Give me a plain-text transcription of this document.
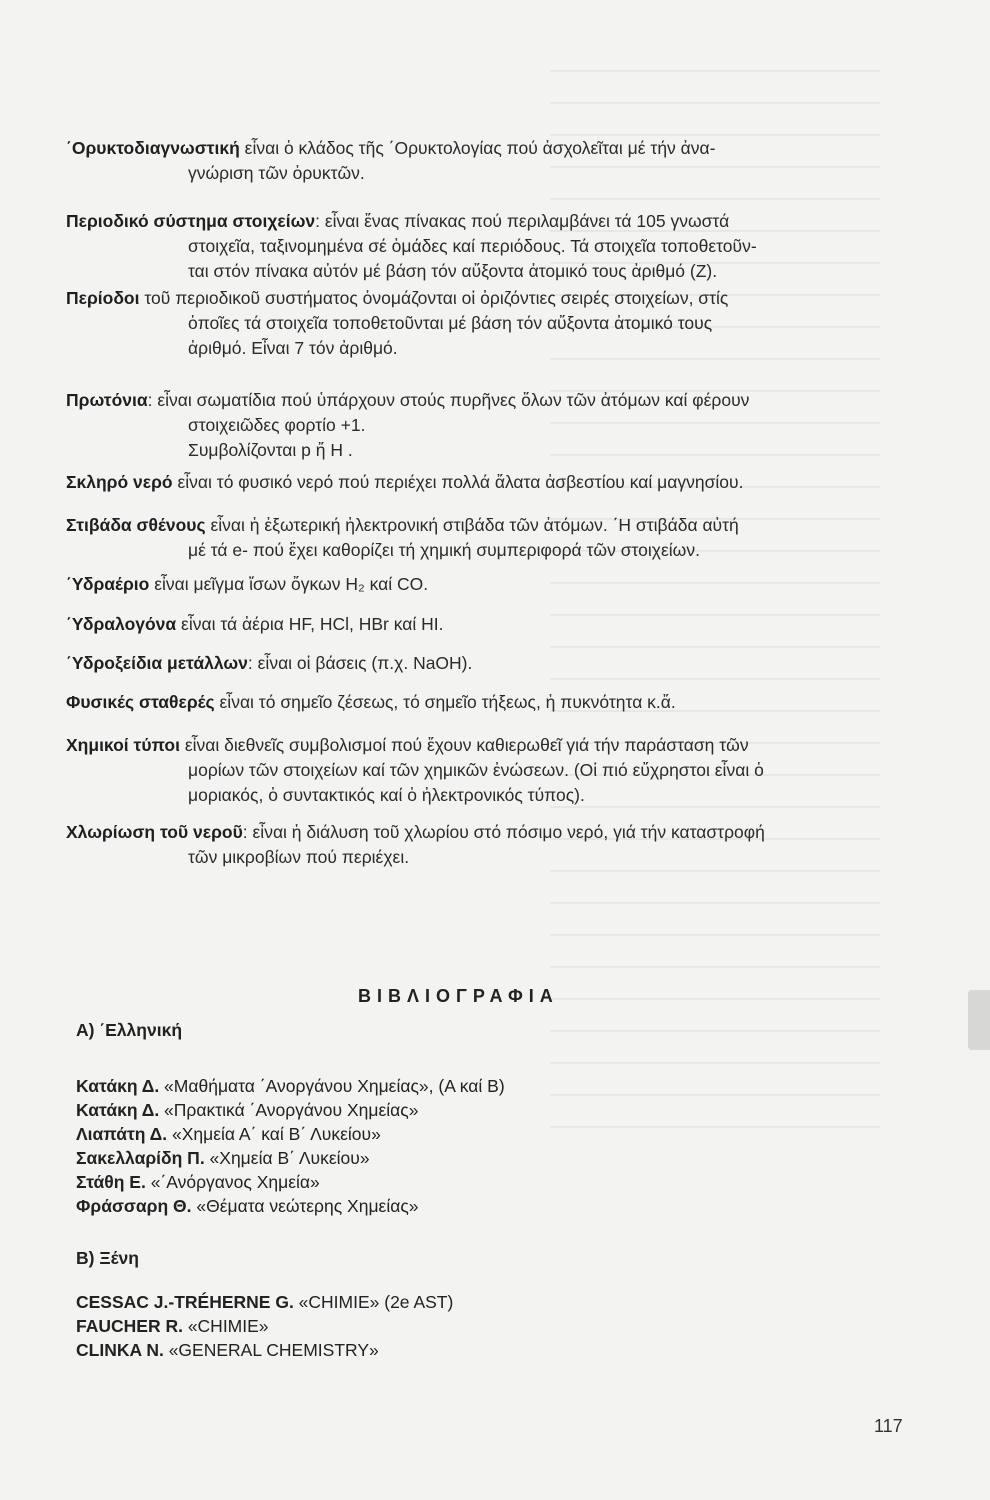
΄Ορυκτοδιαγνωστική εἶναι ὁ κλάδος τῆς ΄Ορυκτολογίας πού ἀσχολεῖται μέ τήν ἀνα-
γνώριση τῶν ὀρυκτῶν.
Περιοδικό σύστημα στοιχείων: εἶναι ἕνας πίνακας πού περιλαμβάνει τά 105 γνωστά
στοιχεῖα, ταξινομημένα σέ ὁμάδες καί περιόδους. Τά στοιχεῖα τοποθετοῦν-
ται στόν πίνακα αὐτόν μέ βάση τόν αὔξοντα ἀτομικό τους ἀριθμό (Ζ).
Περίοδοι τοῦ περιοδικοῦ συστήματος ὀνομάζονται οἱ ὀριζόντιες σειρές στοιχείων, στίς
ὁποῖες τά στοιχεῖα τοποθετοῦνται μέ βάση τόν αὔξοντα ἀτομικό τους
ἀριθμό. Εἶναι 7 τόν ἀριθμό.
Πρωτόνια: εἶναι σωματίδια πού ὑπάρχουν στούς πυρῆνες ὅλων τῶν ἀτόμων καί φέρουν
στοιχειῶδες φορτίο +1.
Συμβολίζονται p ἤ H .
Σκληρό νερό εἶναι τό φυσικό νερό πού περιέχει πολλά ἄλατα ἀσβεστίου καί μαγνησίου.
Στιβάδα σθένους εἶναι ἡ ἐξωτερική ἠλεκτρονική στιβάδα τῶν ἀτόμων. ΄Η στιβάδα αὐτή
μέ τά e- πού ἔχει καθορίζει τή χημική συμπεριφορά τῶν στοιχείων.
΄Υδραέριο εἶναι μεῖγμα ἴσων ὄγκων H₂ καί CO.
΄Υδραλογόνα εἶναι τά ἀέρια HF, HCl, HBr καί HI.
΄Υδροξείδια μετάλλων: εἶναι οἱ βάσεις (π.χ. NaOH).
Φυσικές σταθερές εἶναι τό σημεῖο ζέσεως, τό σημεῖο τήξεως, ἡ πυκνότητα κ.ἄ.
Χημικοί τύποι εἶναι διεθνεῖς συμβολισμοί πού ἔχουν καθιερωθεῖ γιά τήν παράσταση τῶν
μορίων τῶν στοιχείων καί τῶν χημικῶν ἐνώσεων. (Οἱ πιό εὔχρηστοι εἶναι ὁ
μοριακός, ὁ συντακτικός καί ὁ ἠλεκτρονικός τύπος).
Χλωρίωση τοῦ νεροῦ: εἶναι ἡ διάλυση τοῦ χλωρίου στό πόσιμο νερό, γιά τήν καταστροφή
τῶν μικροβίων πού περιέχει.
ΒΙΒΛΙΟΓΡΑΦΙΑ
Α) ΄Ελληνική
Κατάκη Δ. «Μαθήματα ΄Ανοργάνου Χημείας», (Α καί Β)
Κατάκη Δ. «Πρακτικά ΄Ανοργάνου Χημείας»
Λιαπάτη Δ. «Χημεία Α΄ καί Β΄ Λυκείου»
Σακελλαρίδη Π. «Χημεία Β΄ Λυκείου»
Στάθη Ε. «΄Ανόργανος Χημεία»
Φράσσαρη Θ. «Θέματα νεώτερης Χημείας»
Β) Ξένη
CESSAC J.-TRÉHERNE G. «CHIMIE» (2e AST)
FAUCHER R. «CHIMIE»
CLINKA N. «GENERAL CHEMISTRY»
117
